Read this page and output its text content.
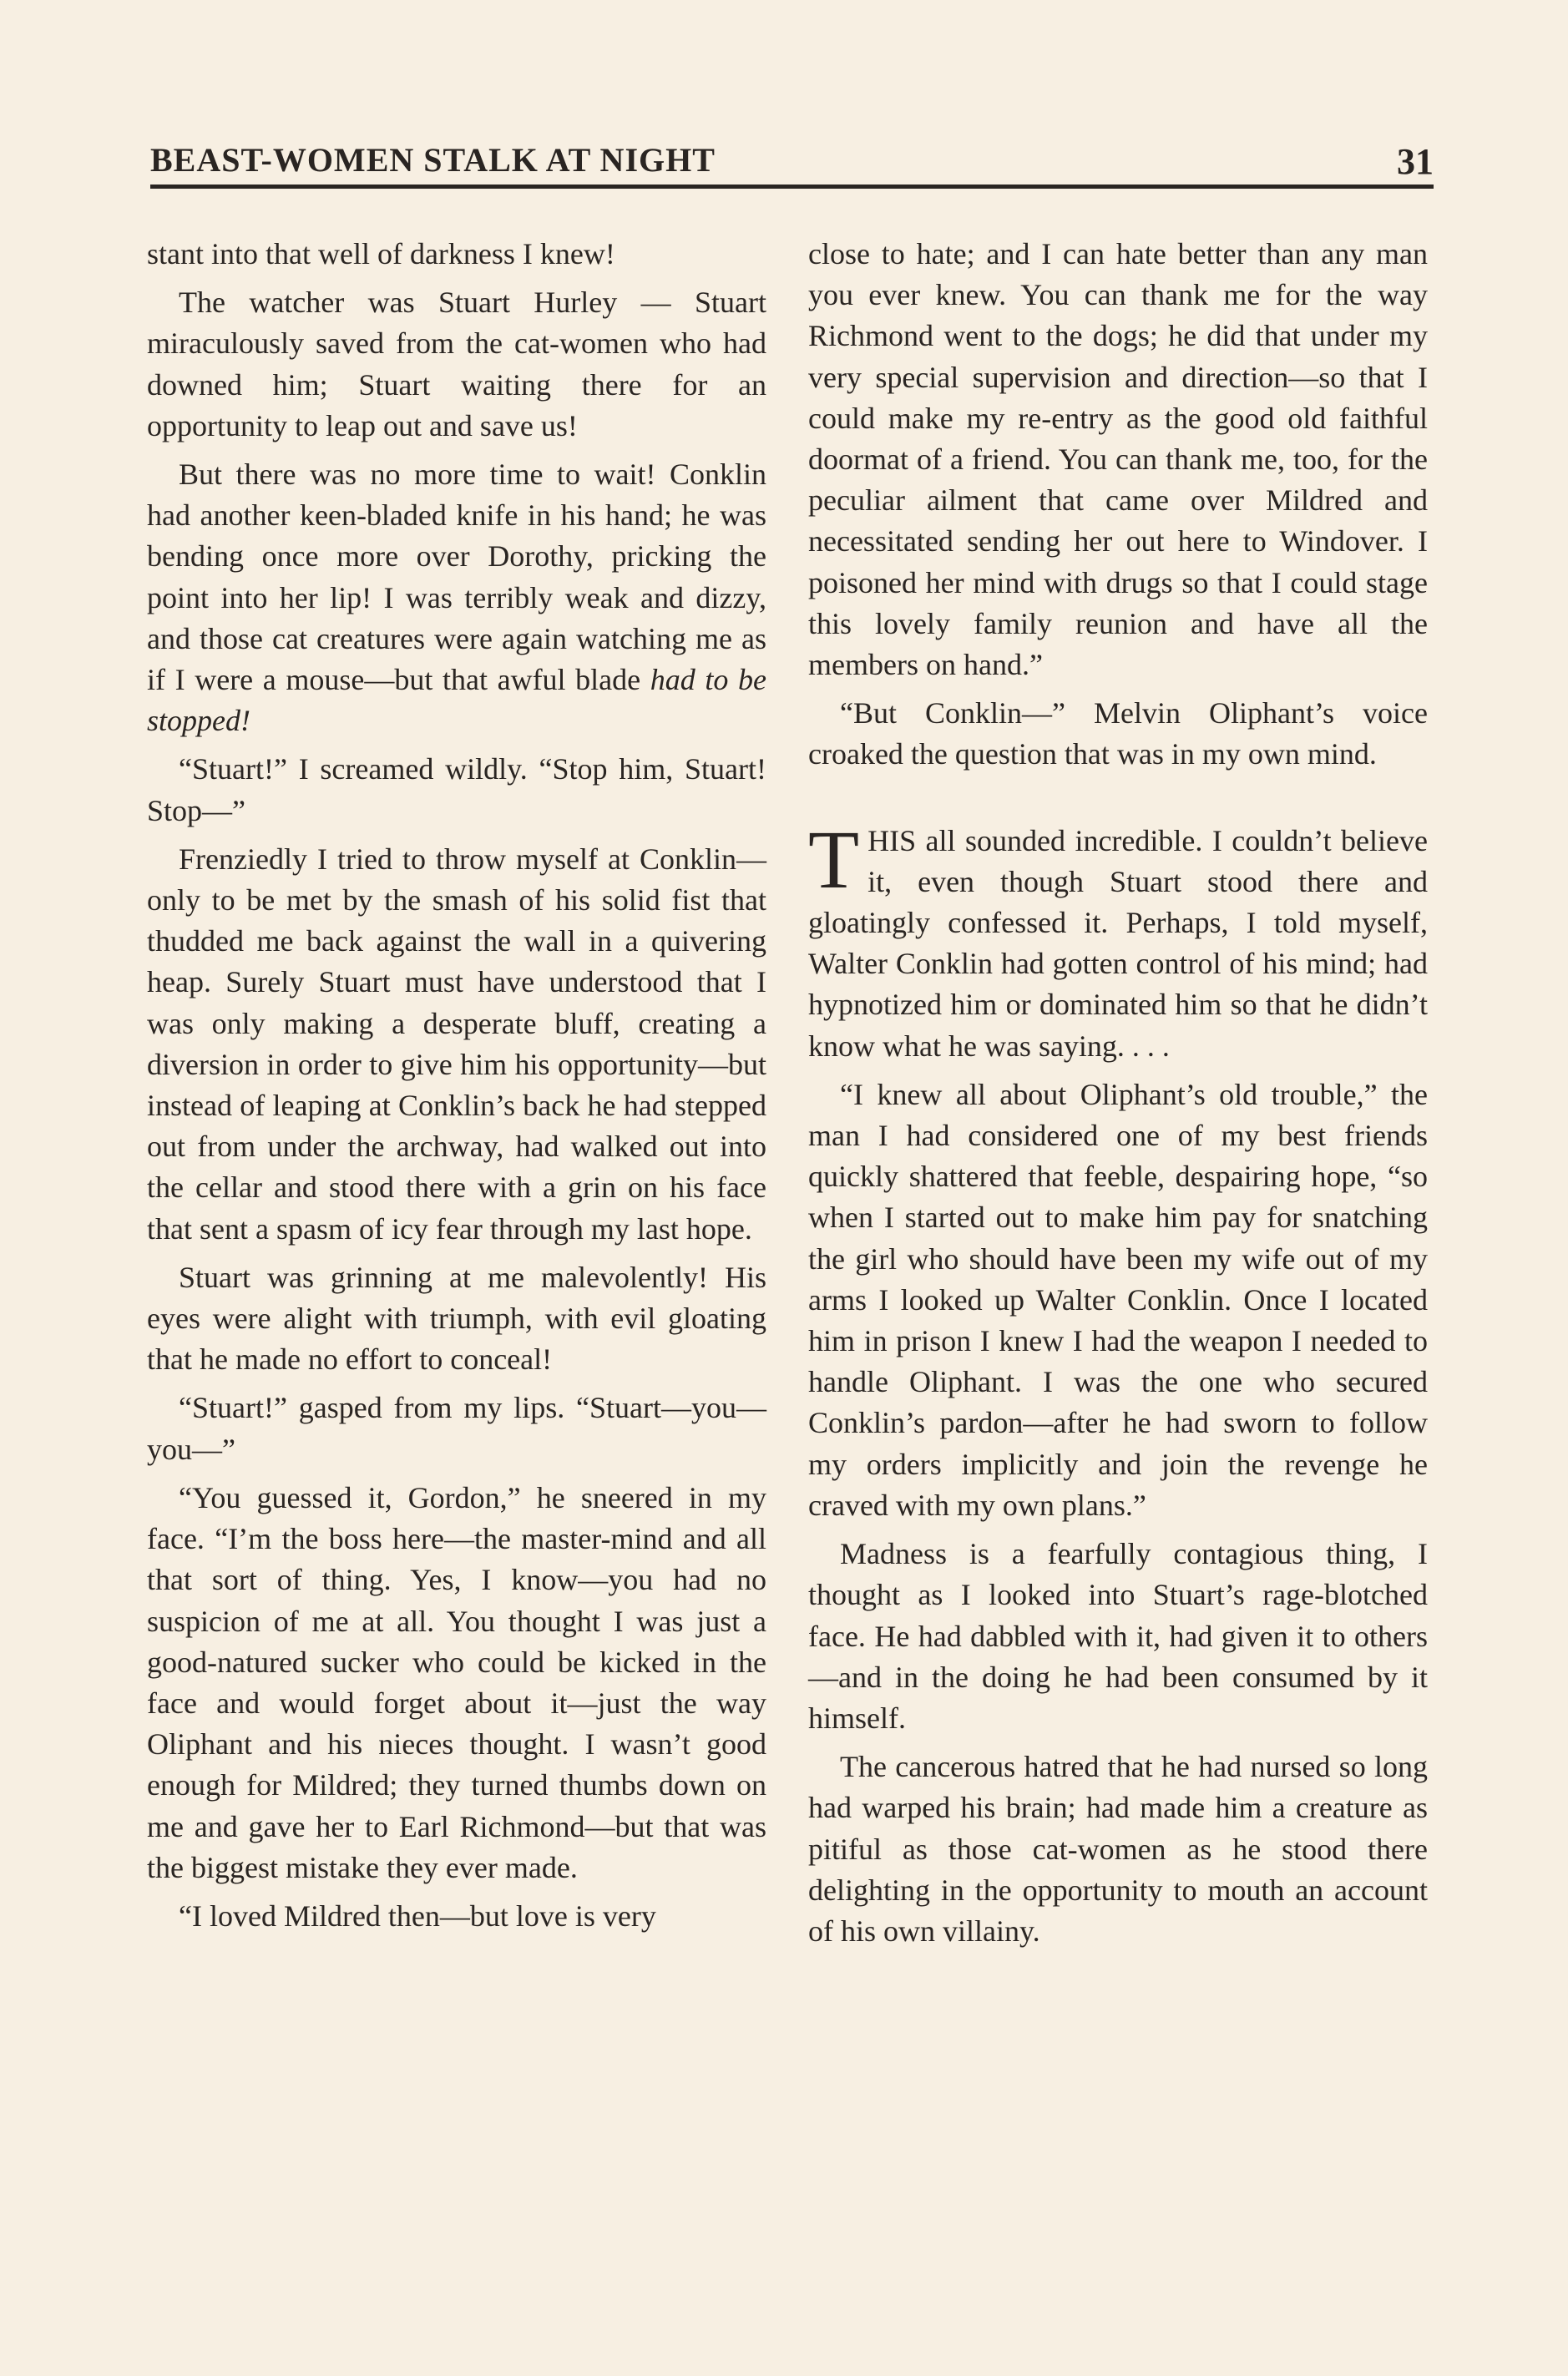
BEAST-WOMEN STALK AT NIGHT	31

stant into that well of darkness I knew!

The watcher was Stuart Hurley — Stuart miraculously saved from the cat-women who had downed him; Stuart waiting there for an opportunity to leap out and save us!

But there was no more time to wait! Conklin had another keen-bladed knife in his hand; he was bending once more over Dorothy, pricking the point into her lip! I was terribly weak and dizzy, and those cat creatures were again watching me as if I were a mouse—but that awful blade had to be stopped!

“Stuart!” I screamed wildly. “Stop him, Stuart! Stop—”

Frenziedly I tried to throw myself at Conklin—only to be met by the smash of his solid fist that thudded me back against the wall in a quivering heap. Surely Stuart must have understood that I was only making a desperate bluff, creating a diversion in order to give him his opportunity—but instead of leaping at Conklin’s back he had stepped out from under the archway, had walked out into the cellar and stood there with a grin on his face that sent a spasm of icy fear through my last hope.

Stuart was grinning at me malevolently! His eyes were alight with triumph, with evil gloating that he made no effort to conceal!

“Stuart!” gasped from my lips. “Stuart—you—you—”

“You guessed it, Gordon,” he sneered in my face. “I’m the boss here—the master-mind and all that sort of thing. Yes, I know—you had no suspicion of me at all. You thought I was just a good-natured sucker who could be kicked in the face and would forget about it—just the way Oliphant and his nieces thought. I wasn’t good enough for Mildred; they turned thumbs down on me and gave her to Earl Richmond—but that was the biggest mistake they ever made.

“I loved Mildred then—but love is very

close to hate; and I can hate better than any man you ever knew. You can thank me for the way Richmond went to the dogs; he did that under my very special supervision and direction—so that I could make my re-entry as the good old faithful doormat of a friend. You can thank me, too, for the peculiar ailment that came over Mildred and necessitated sending her out here to Windover. I poisoned her mind with drugs so that I could stage this lovely family reunion and have all the members on hand.”

“But Conklin—” Melvin Oliphant’s voice croaked the question that was in my own mind.

THIS all sounded incredible. I couldn’t believe it, even though Stuart stood there and gloatingly confessed it. Perhaps, I told myself, Walter Conklin had gotten control of his mind; had hypnotized him or dominated him so that he didn’t know what he was saying. . . .

“I knew all about Oliphant’s old trouble,” the man I had considered one of my best friends quickly shattered that feeble, despairing hope, “so when I started out to make him pay for snatching the girl who should have been my wife out of my arms I looked up Walter Conklin. Once I located him in prison I knew I had the weapon I needed to handle Oliphant. I was the one who secured Conklin’s pardon—after he had sworn to follow my orders implicitly and join the revenge he craved with my own plans.”

Madness is a fearfully contagious thing, I thought as I looked into Stuart’s rage-blotched face. He had dabbled with it, had given it to others—and in the doing he had been consumed by it himself.

The cancerous hatred that he had nursed so long had warped his brain; had made him a creature as pitiful as those cat-women as he stood there delighting in the opportunity to mouth an account of his own villainy.
